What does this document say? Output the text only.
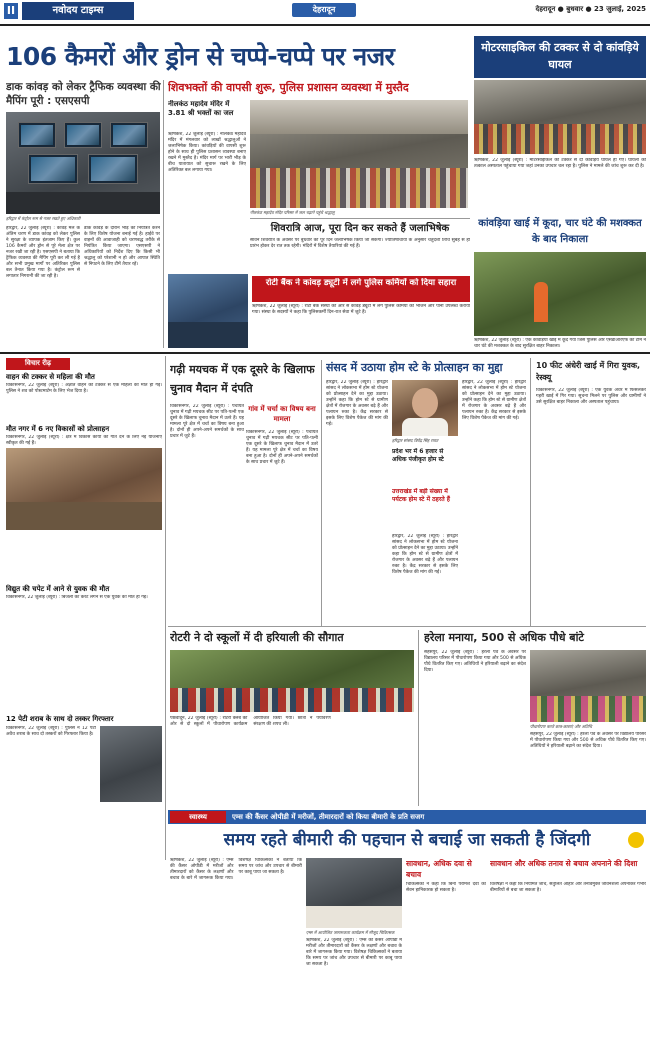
II	नवोदय टाइम्स	देहरादून	देहरादून ● बुधवार ● 23 जुलाई, 2025
106 कैमरों और ड्रोन से चप्पे-चप्पे पर नजर
डाक कांवड़ को लेकर ट्रैफिक व्यवस्था की मैपिंग पूरी : एसएसपी
हरिद्वार में कंट्रोल रूम से नजर रखते हुए अधिकारी
हरिद्वार, 22 जुलाई (ब्यूरो) : कांवड़ मेले के अंतिम चरण में डाक कांवड़ को लेकर पुलिस ने सुरक्षा के व्यापक इंतजाम किए हैं। कुल 106 कैमरों और ड्रोन से पूरे मेला क्षेत्र पर नजर रखी जा रही है। एसएसपी ने बताया कि ट्रैफिक व्यवस्था की मैपिंग पूरी कर ली गई है और सभी प्रमुख मार्गों पर अतिरिक्त पुलिस बल तैनात किया गया है। कंट्रोल रूम से लगातार निगरानी की जा रही है।
डाक कांवड़ के दौरान भीड़ को नियंत्रित करने के लिए विशेष योजना बनाई गई है। हाईवे पर वाहनों की आवाजाही को चरणबद्ध तरीके से नियंत्रित किया जाएगा। एसएसपी ने अधिकारियों को निर्देश दिए कि किसी भी श्रद्धालु को परेशानी न हो और आपात स्थिति से निपटने के लिए टीमें तैयार रहें।
शिवभक्तों की वापसी शुरू, पुलिस प्रशासन व्यवस्था में मुस्तैद
नीलकंठ महादेव मंदिर में 3.81 श्री भक्तों का जल
ऋषिकेश, 22 जुलाई (ब्यूरो) : नीलकंठ महादेव मंदिर में मंगलवार को लाखों श्रद्धालुओं ने जलाभिषेक किया। कांवड़ियों की वापसी शुरू होने के साथ ही पुलिस प्रशासन व्यवस्था बनाए रखने में मुस्तैद है। मंदिर मार्ग पर भारी भीड़ के बीच यातायात को सुचारू रखने के लिए अतिरिक्त बल लगाया गया।
नीलकंठ महादेव मंदिर परिसर में जल चढ़ाने पहुंचे श्रद्धालु
मोटरसाइकिल की टक्कर से दो कांवड़िये घायल
ऋषिकेश, 22 जुलाई (ब्यूरो) : मोटरसाइकिल की टक्कर से दो कांवड़िये घायल हो गए। घायलों को तत्काल अस्पताल पहुंचाया गया जहां उनका उपचार चल रहा है। पुलिस ने मामले की जांच शुरू कर दी है।
शिवरात्रि आज, पूरा दिन कर सकते हैं जलाभिषेक
सावन शिवरात्रि के अवसर पर बुधवार को पूरे दिन जलाभिषेक किया जा सकेगा। ज्योतिषाचार्यों के अनुसार चतुर्दशी तिथि सुबह से ही प्रारंभ होकर देर रात तक रहेगी। मंदिरों में विशेष तैयारियां की गई हैं।
रोटी बैंक ने कांवड़ ड्यूटी में लगे पुलिस कर्मियों को दिया सहारा
ऋषिकेश, 22 जुलाई (ब्यूरो) : रोटी बैंक संस्था की ओर से कांवड़ ड्यूटी में लगे पुलिस कर्मियों को भोजन और पानी उपलब्ध कराया गया। संस्था के सदस्यों ने कहा कि पुलिसकर्मी दिन-रात सेवा में जुटे हैं।
कांवड़िया खाई में कूदा, चार घंटे की मशक्कत के बाद निकाला
ऋषिकेश, 22 जुलाई (ब्यूरो) : एक कांवड़िया खाई में कूद गया जिसे पुलिस और एसडीआरएफ की टीम ने चार घंटे की मशक्कत के बाद सुरक्षित बाहर निकाला।
विचार रीढ़
वाहन की टक्कर से महिला की मौत
विकासनगर, 22 जुलाई (ब्यूरो) : अज्ञात वाहन की टक्कर से एक महिला की मौत हो गई। पुलिस ने शव को पोस्टमार्टम के लिए भेज दिया है।
मौत नगर में 6 नए विकासों को प्रोत्साहन
विकासनगर, 22 जुलाई (ब्यूरो) : क्षेत्र में विकास कार्यों को गति देने के लिए नई योजनाएं स्वीकृत की गई हैं।
विद्युत की चपेट में आने से युवक की मौत
विकासनगर, 22 जुलाई (ब्यूरो) : बिजली का करंट लगने से एक युवक की मौत हो गई।
12 पेटी शराब के साथ दो तस्कर गिरफ्तार
विकासनगर, 22 जुलाई (ब्यूरो) : पुलिस ने 12 पेटी अवैध शराब के साथ दो तस्करों को गिरफ्तार किया है।
गढ़ी मयचक में एक दूसरे के खिलाफ चुनाव मैदान में दंपति
गांव में चर्चा का विषय बना मामला
विकासनगर, 22 जुलाई (ब्यूरो) : पंचायत चुनाव में गढ़ी मयचक सीट पर पति-पत्नी एक दूसरे के खिलाफ चुनाव मैदान में उतरे हैं। यह मामला पूरे क्षेत्र में चर्चा का विषय बना हुआ है। दोनों ही अपने-अपने समर्थकों के साथ प्रचार में जुटे हैं।
विकासनगर, 22 जुलाई (ब्यूरो) : पंचायत चुनाव में गढ़ी मयचक सीट पर पति-पत्नी एक दूसरे के खिलाफ चुनाव मैदान में उतरे हैं। यह मामला पूरे क्षेत्र में चर्चा का विषय बना हुआ है। दोनों ही अपने-अपने समर्थकों के साथ प्रचार में जुटे हैं।
संसद में उठाया होम स्टे के प्रोत्साहन का मुद्दा
हरिद्वार, 22 जुलाई (ब्यूरो) : हरिद्वार सांसद ने लोकसभा में होम स्टे योजना को प्रोत्साहन देने का मुद्दा उठाया। उन्होंने कहा कि होम स्टे से ग्रामीण क्षेत्रों में रोजगार के अवसर बढ़े हैं और पलायन रुका है। केंद्र सरकार से इसके लिए विशेष पैकेज की मांग की गई।
हरिद्वार सांसद त्रिवेंद्र सिंह रावत
प्रदेश भर में 6 हजार से अधिक पंजीकृत होम स्टे
उत्तराखंड में बड़ी संख्या में पर्यटक होम स्टे में ठहरते हैं
हरिद्वार, 22 जुलाई (ब्यूरो) : हरिद्वार सांसद ने लोकसभा में होम स्टे योजना को प्रोत्साहन देने का मुद्दा उठाया। उन्होंने कहा कि होम स्टे से ग्रामीण क्षेत्रों में रोजगार के अवसर बढ़े हैं और पलायन रुका है। केंद्र सरकार से इसके लिए विशेष पैकेज की मांग की गई।
हरिद्वार, 22 जुलाई (ब्यूरो) : हरिद्वार सांसद ने लोकसभा में होम स्टे योजना को प्रोत्साहन देने का मुद्दा उठाया। उन्होंने कहा कि होम स्टे से ग्रामीण क्षेत्रों में रोजगार के अवसर बढ़े हैं और पलायन रुका है। केंद्र सरकार से इसके लिए विशेष पैकेज की मांग की गई।
10 फीट अंधेरी खाई में गिरा युवक, रेस्क्यू
विकासनगर, 22 जुलाई (ब्यूरो) : एक युवक अंधेरे में फिसलकर गहरी खाई में गिर गया। सूचना मिलने पर पुलिस और ग्रामीणों ने उसे सुरक्षित बाहर निकाला और अस्पताल पहुंचाया।
रोटरी ने दो स्कूलों में दी हरियाली की सौगात
पछवादून, 22 जुलाई (ब्यूरो) : रोटरी क्लब की ओर से दो स्कूलों में पौधारोपण कार्यक्रम आयोजित किया गया। छात्रों ने पर्यावरण संरक्षण की शपथ ली।
हरेला मनाया, 500 से अधिक पौधे बांटे
सहसपुर, 22 जुलाई (ब्यूरो) : हरेला पर्व के अवसर पर विद्यालय परिसर में पौधारोपण किया गया और 500 से अधिक पौधे वितरित किए गए। अतिथियों ने हरियाली बढ़ाने का संदेश दिया।
पौधारोपण करते छात्र-छात्राएं और अतिथि
सहसपुर, 22 जुलाई (ब्यूरो) : हरेला पर्व के अवसर पर विद्यालय परिसर में पौधारोपण किया गया और 500 से अधिक पौधे वितरित किए गए। अतिथियों ने हरियाली बढ़ाने का संदेश दिया।
स्वास्थ्य	एम्स की कैंसर ओपीडी में मरीजों, तीमारदारों को किया बीमारी के प्रति सजग
समय रहते बीमारी की पहचान से बचाई जा सकती है जिंदगी
ऋषिकेश, 22 जुलाई (ब्यूरो) : एम्स की कैंसर ओपीडी में मरीजों और तीमारदारों को कैंसर के लक्षणों और बचाव के बारे में जागरूक किया गया। विशेषज्ञ चिकित्सकों ने बताया कि समय पर जांच और उपचार से बीमारी पर काबू पाया जा सकता है।
एम्स में आयोजित जागरूकता कार्यक्रम में मौजूद चिकित्सक
ऋषिकेश, 22 जुलाई (ब्यूरो) : एम्स की कैंसर ओपीडी में मरीजों और तीमारदारों को कैंसर के लक्षणों और बचाव के बारे में जागरूक किया गया। विशेषज्ञ चिकित्सकों ने बताया कि समय पर जांच और उपचार से बीमारी पर काबू पाया जा सकता है।
सावधान, अधिक दवा से बचाव
चिकित्सकों ने कहा कि बिना परामर्श दवा का सेवन हानिकारक हो सकता है।
सावधान और अधिक तनाव से बचाव अपनाने की दिशा
विशेषज्ञों ने कहा कि नियमित जांच, संतुलित आहार और तनावमुक्त जीवनशैली अपनाकर गंभीर बीमारियों से बचा जा सकता है।
